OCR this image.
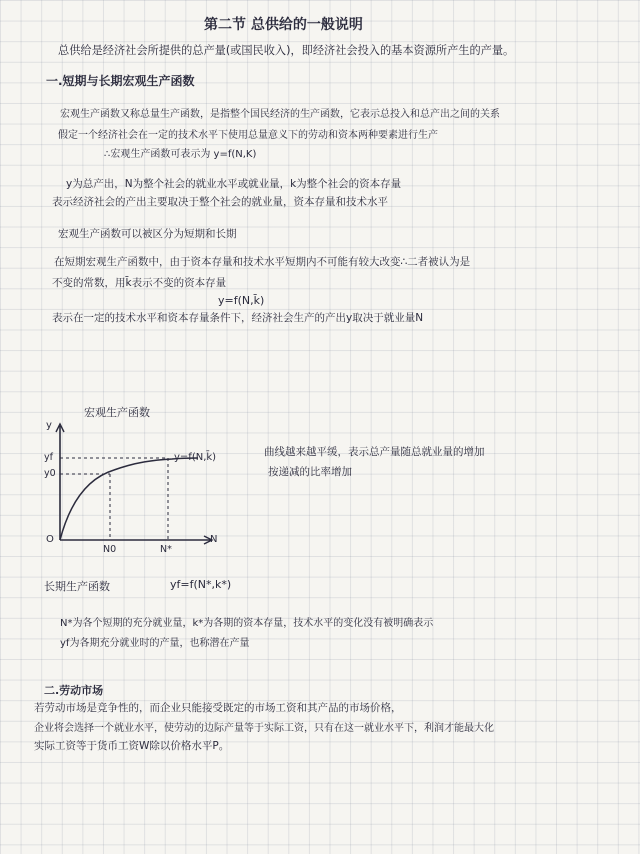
第二节 总供给的一般说明
总供给是经济社会所提供的总产量(或国民收入)，即经济社会投入的基本资源所产生的产量。
一.短期与长期宏观生产函数
宏观生产函数又称总量生产函数，是指整个国民经济的生产函数，它表示总投入和总产出之间的关系
假定一个经济社会在一定的技术水平下使用总量意义下的劳动和资本两种要素进行生产
∴宏观生产函数可表示为 y=f(N,K)
y为总产出，N为整个社会的就业水平或就业量，k为整个社会的资本存量
表示经济社会的产出主要取决于整个社会的就业量，资本存量和技术水平
宏观生产函数可以被区分为短期和长期
在短期宏观生产函数中，由于资本存量和技术水平短期内不可能有较大改变∴二者被认为是
不变的常数，用k̄表示不变的资本存量
y=f(N,k̄)
表示在一定的技术水平和资本存量条件下，经济社会生产的产出y取决于就业量N
宏观生产函数
y
N
O
yf
y0
N0	N*
y=f(N,k̄)	曲线越来越平缓，表示总产量随总就业量的增加
按递减的比率增加
长期生产函数	yf=f(N*,k*)
N*为各个短期的充分就业量，k*为各期的资本存量，技术水平的变化没有被明确表示
yf为各期充分就业时的产量，也称潜在产量
二.劳动市场
若劳动市场是竞争性的，而企业只能接受既定的市场工资和其产品的市场价格，
企业将会选择一个就业水平，使劳动的边际产量等于实际工资，只有在这一就业水平下，利润才能最大化
实际工资等于货币工资W除以价格水平P。
